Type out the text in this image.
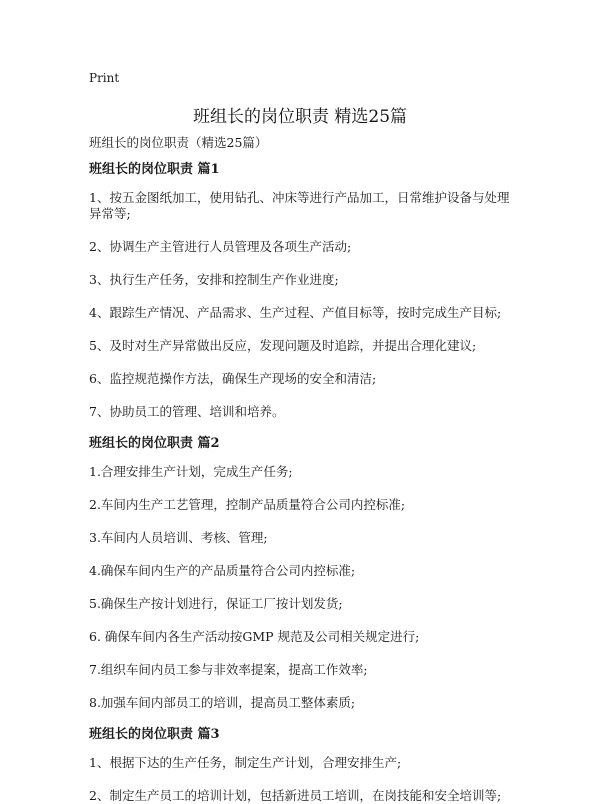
Print
班组长的岗位职责 精选25篇
班组长的岗位职责（精选25篇）

班组长的岗位职责 篇1

1、按五金图纸加工，使用钻孔、冲床等进行产品加工，日常维护设备与处理异常等;

2、协调生产主管进行人员管理及各项生产活动;

3、执行生产任务，安排和控制生产作业进度;

4、跟踪生产情况、产品需求、生产过程、产值目标等，按时完成生产目标;

5、及时对生产异常做出反应，发现问题及时追踪，并提出合理化建议;

6、监控规范操作方法，确保生产现场的安全和清洁;

7、协助员工的管理、培训和培养。

班组长的岗位职责 篇2

1.合理安排生产计划，完成生产任务;

2.车间内生产工艺管理，控制产品质量符合公司内控标准;

3.车间内人员培训、考核、管理;

4.确保车间内生产的产品质量符合公司内控标准;

5.确保生产按计划进行，保证工厂按计划发货;

6. 确保车间内各生产活动按GMP 规范及公司相关规定进行;

7.组织车间内员工参与非效率提案，提高工作效率;

8.加强车间内部员工的培训，提高员工整体素质;

班组长的岗位职责 篇3

1、根据下达的生产任务，制定生产计划，合理安排生产;

2、制定生产员工的培训计划，包括新进员工培训，在岗技能和安全培训等;
